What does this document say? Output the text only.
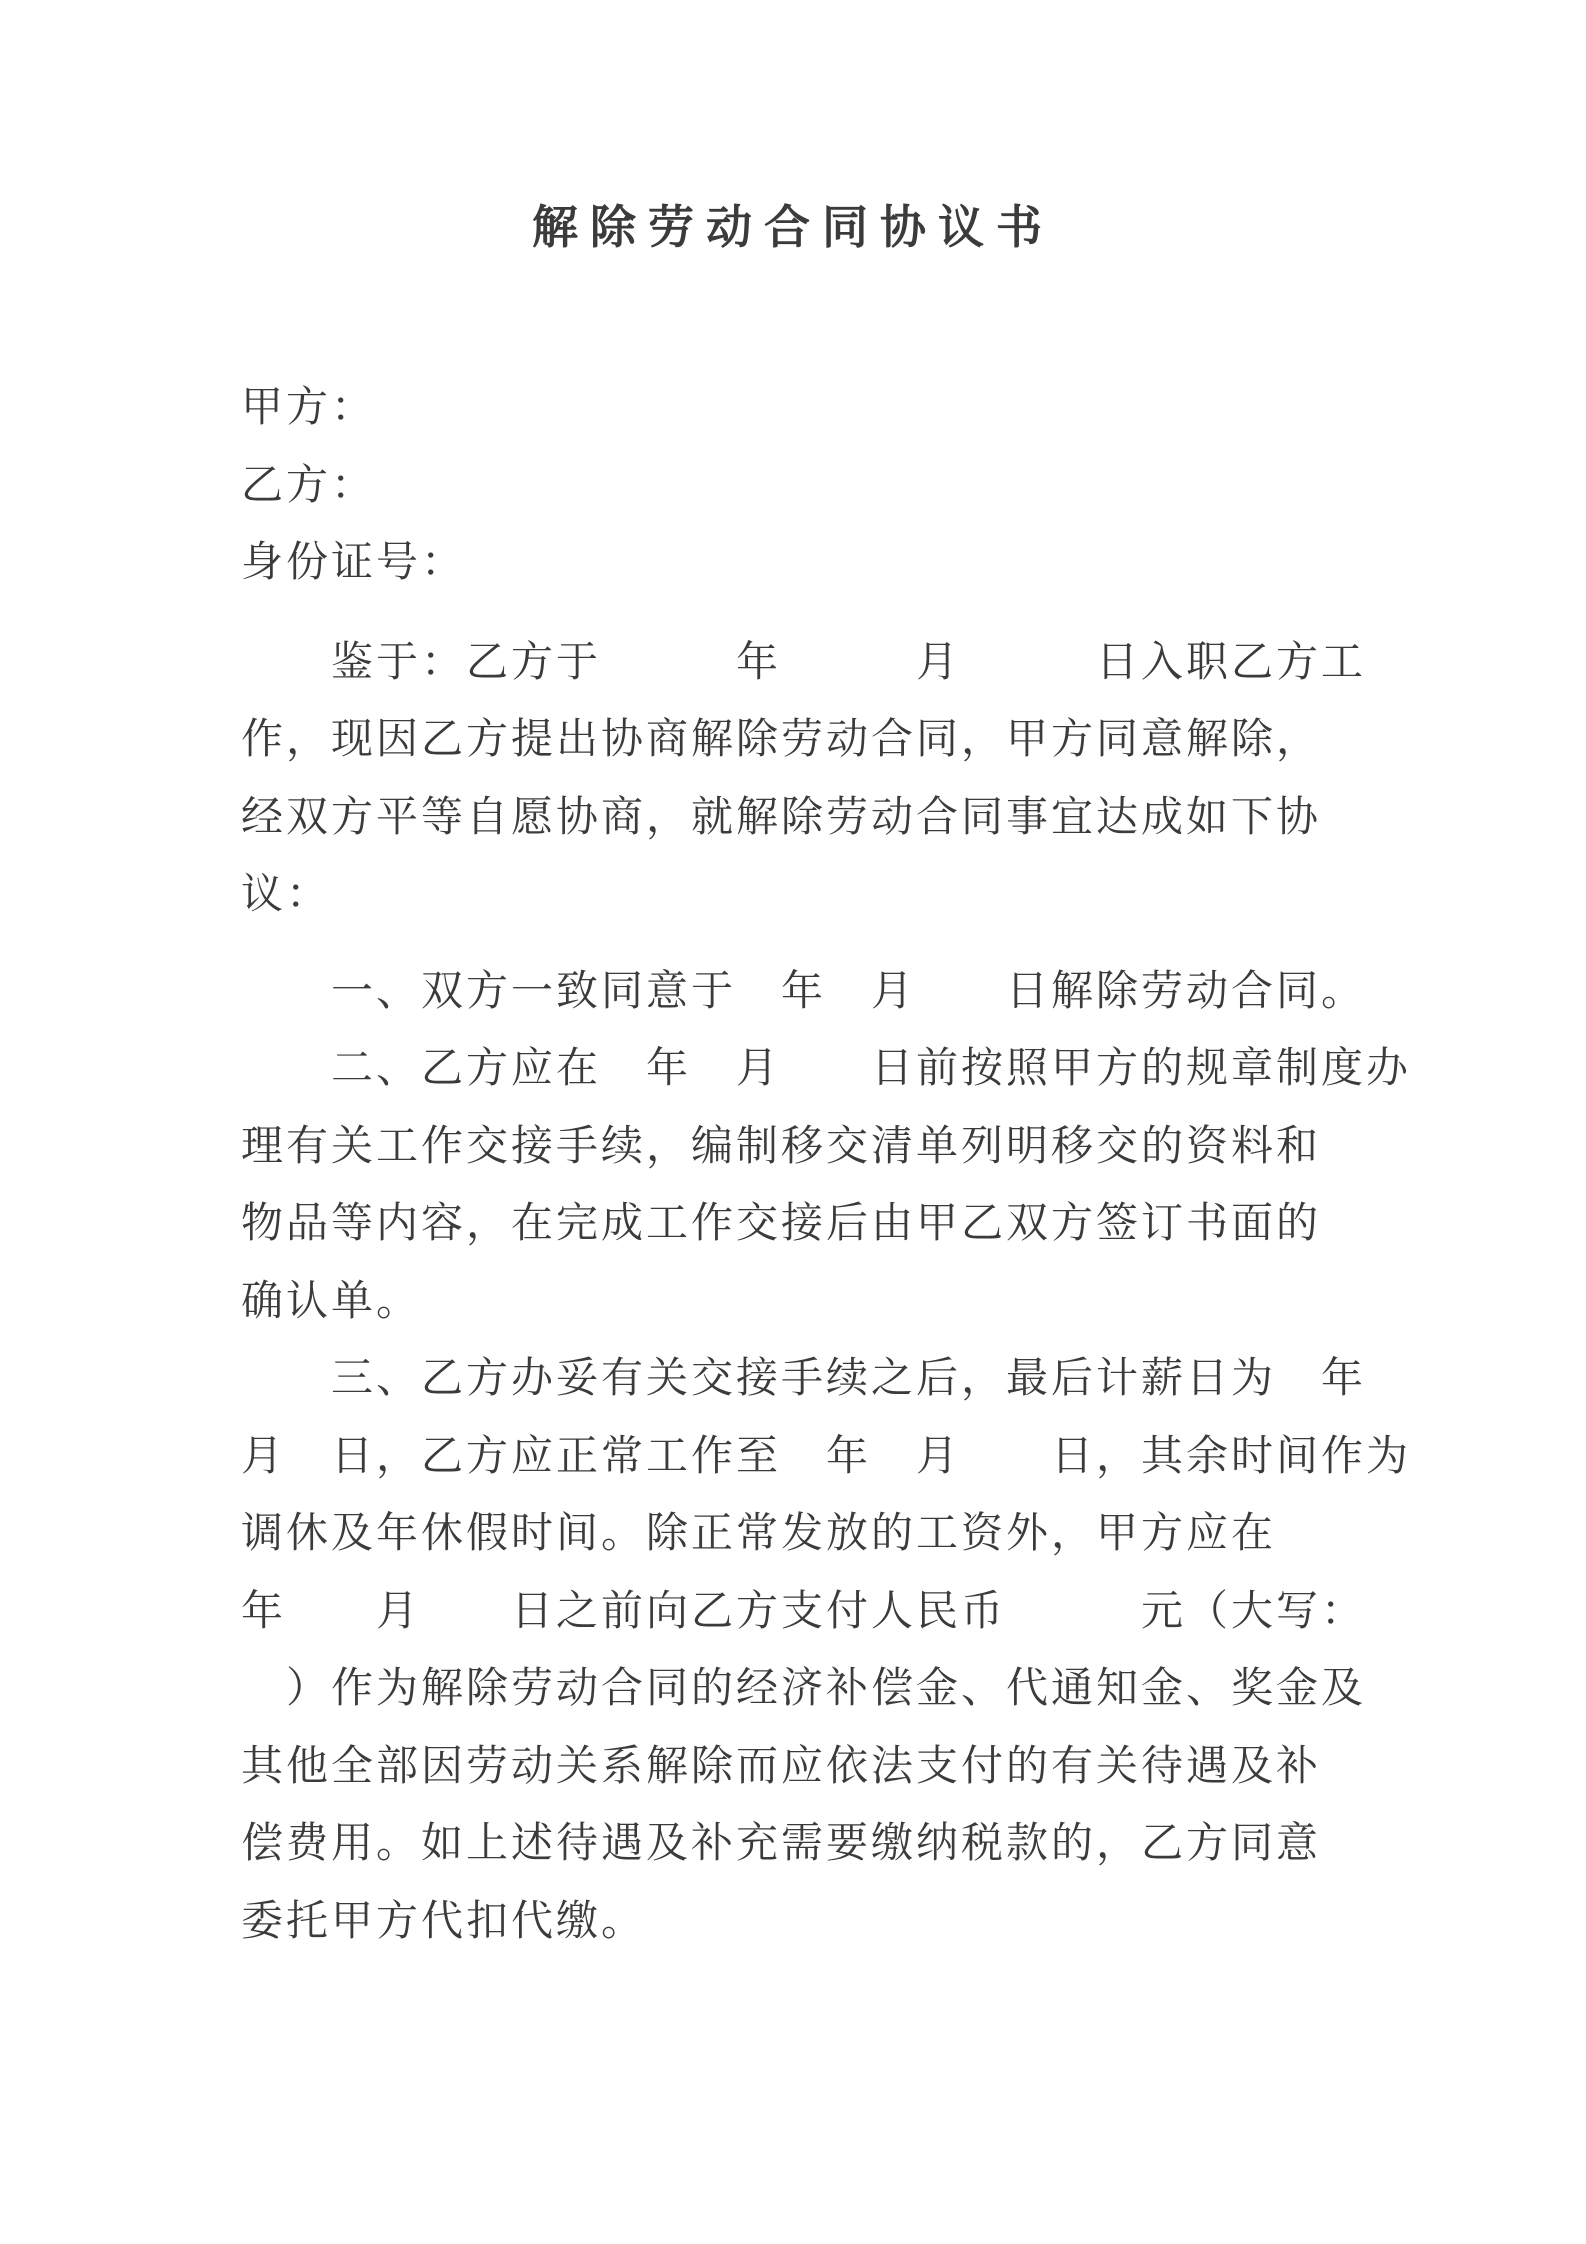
解除劳动合同协议书
甲方：
乙方：
身份证号：
　　鉴于：乙方于　　　年　　　月　　　日入职乙方工
作，现因乙方提出协商解除劳动合同，甲方同意解除，
经双方平等自愿协商，就解除劳动合同事宜达成如下协
议：
　　一、双方一致同意于　年　月　　日解除劳动合同。
　　二、乙方应在　年　月　　日前按照甲方的规章制度办
理有关工作交接手续，编制移交清单列明移交的资料和
物品等内容，在完成工作交接后由甲乙双方签订书面的
确认单。
　　三、乙方办妥有关交接手续之后，最后计薪日为　年
月　日，乙方应正常工作至　年　月　　日，其余时间作为
调休及年休假时间。除正常发放的工资外，甲方应在
年　　月　　日之前向乙方支付人民币　　　元（大写：
　）作为解除劳动合同的经济补偿金、代通知金、奖金及
其他全部因劳动关系解除而应依法支付的有关待遇及补
偿费用。如上述待遇及补充需要缴纳税款的，乙方同意
委托甲方代扣代缴。
